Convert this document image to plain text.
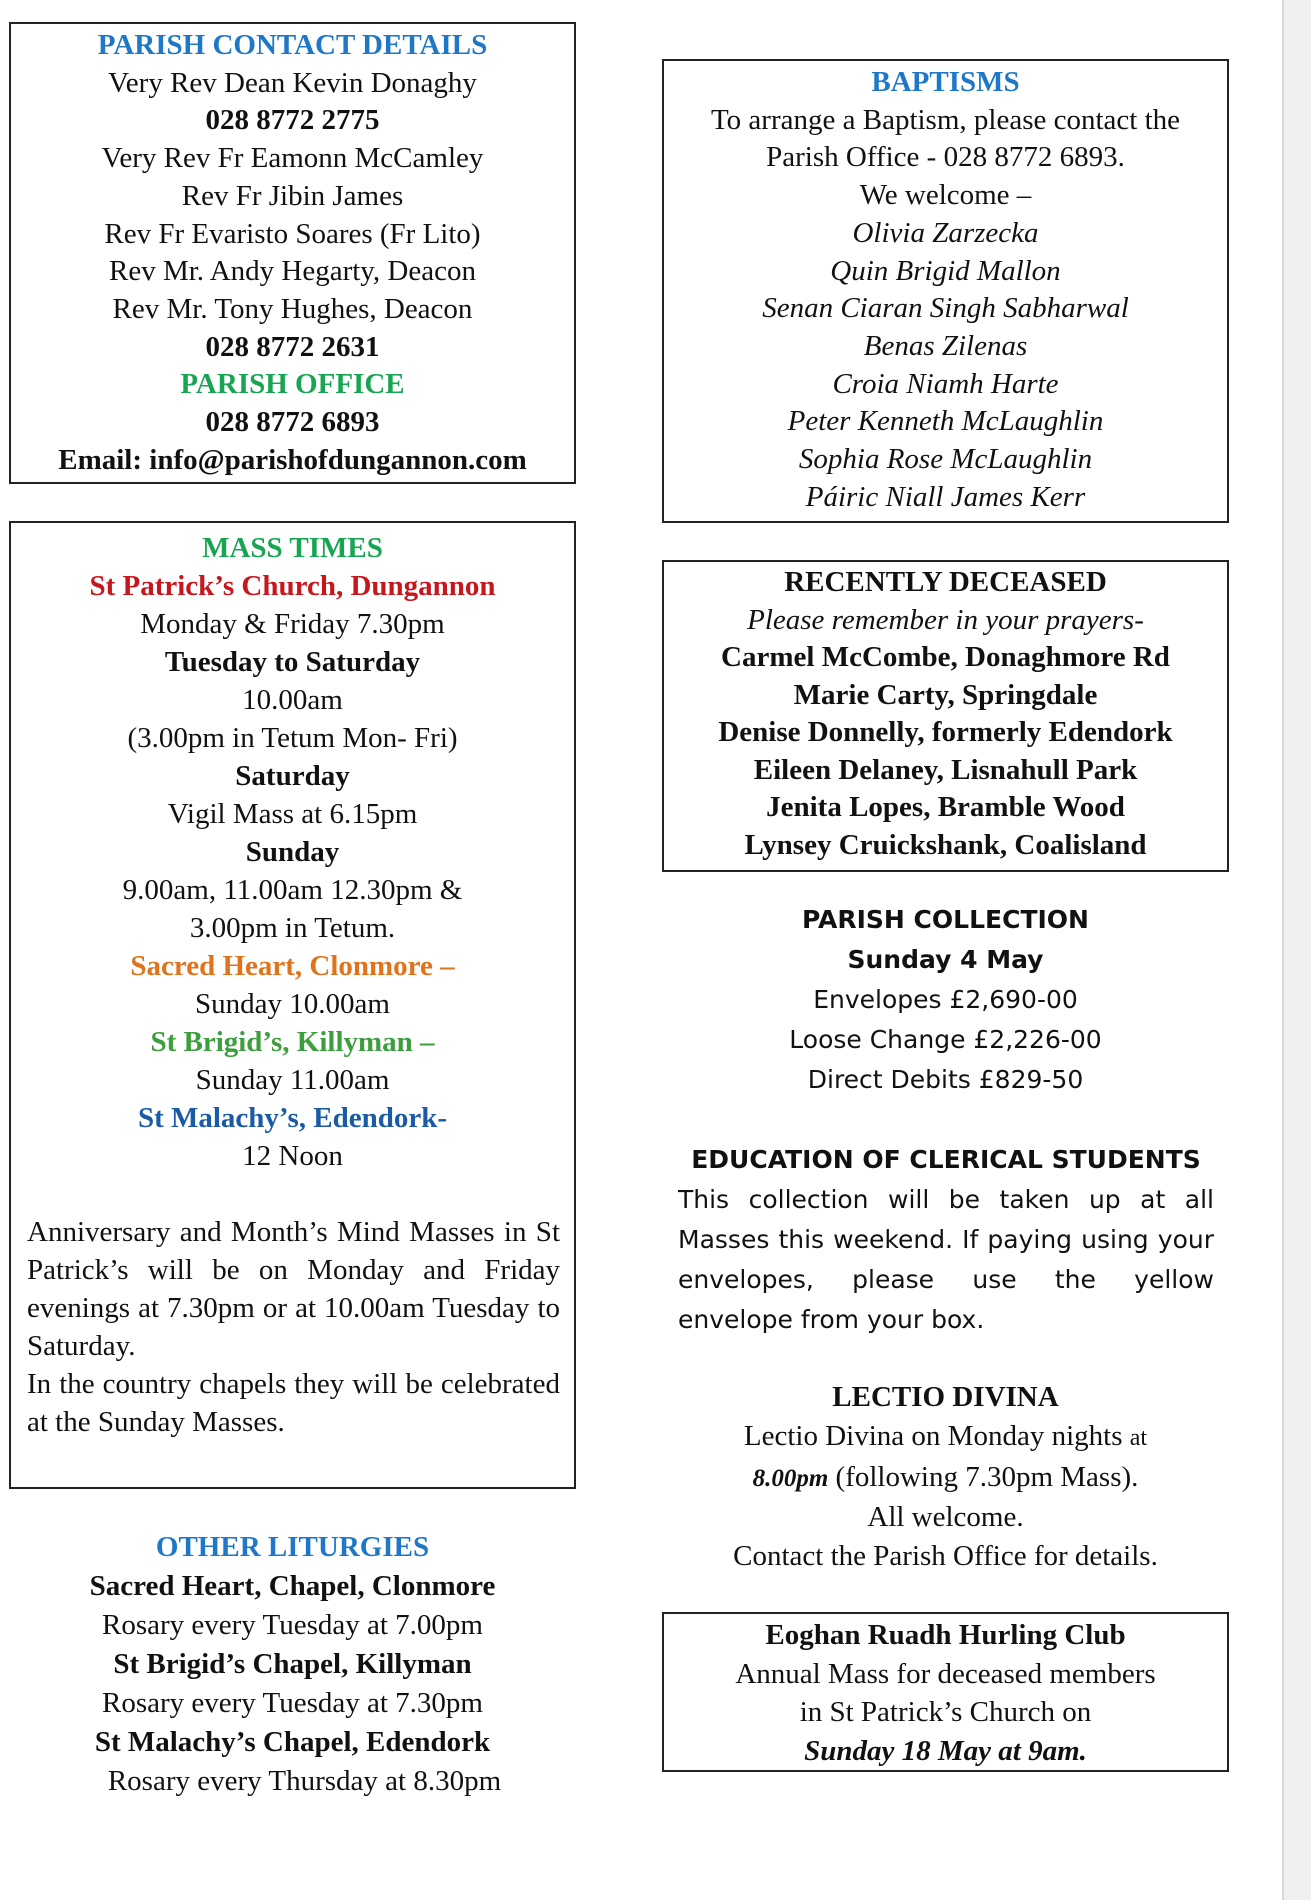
PARISH CONTACT DETAILS
Very Rev Dean Kevin Donaghy
028 8772 2775
Very Rev Fr Eamonn McCamley
Rev Fr Jibin James
Rev Fr Evaristo Soares (Fr Lito)
Rev Mr. Andy Hegarty, Deacon
Rev Mr. Tony Hughes, Deacon
028 8772 2631
PARISH OFFICE
028 8772 6893
Email: info@parishofdungannon.com
MASS TIMES
St Patrick’s Church, Dungannon
Monday & Friday 7.30pm
Tuesday to Saturday
10.00am
(3.00pm in Tetum Mon- Fri)
Saturday
Vigil Mass at 6.15pm
Sunday
9.00am, 11.00am 12.30pm &
3.00pm in Tetum.
Sacred Heart, Clonmore –
Sunday 10.00am
St Brigid’s, Killyman –
Sunday 11.00am
St Malachy’s, Edendork-
12 Noon
Anniversary and Month’s Mind Masses in St Patrick’s will be on Monday and Friday evenings at 7.30pm or at 10.00am Tuesday to Saturday.
In the country chapels they will be celebrated at the Sunday Masses.
OTHER LITURGIES
Sacred Heart, Chapel, Clonmore
Rosary every Tuesday at 7.00pm
St Brigid’s Chapel, Killyman
Rosary every Tuesday at 7.30pm
St Malachy’s Chapel, Edendork
Rosary every Thursday at 8.30pm
BAPTISMS
To arrange a Baptism, please contact the
Parish Office - 028 8772 6893.
We welcome –
Olivia Zarzecka
Quin Brigid Mallon
Senan Ciaran Singh Sabharwal
Benas Zilenas
Croia Niamh Harte
Peter Kenneth McLaughlin
Sophia Rose McLaughlin
Páiric Niall James Kerr
RECENTLY DECEASED
Please remember in your prayers-
Carmel McCombe, Donaghmore Rd
Marie Carty, Springdale
Denise Donnelly, formerly Edendork
Eileen Delaney, Lisnahull Park
Jenita Lopes, Bramble Wood
Lynsey Cruickshank, Coalisland
PARISH COLLECTION
Sunday 4 May
Envelopes £2,690-00
Loose Change £2,226-00
Direct Debits £829-50
EDUCATION OF CLERICAL STUDENTS
This collection will be taken up at all Masses this weekend. If paying using your envelopes, please use the yellow envelope from your box.
LECTIO DIVINA
Lectio Divina on Monday nights at
8.00pm (following 7.30pm Mass).
All welcome.
Contact the Parish Office for details.
Eoghan Ruadh Hurling Club
Annual Mass for deceased members
in St Patrick’s Church on
Sunday 18 May at 9am.
